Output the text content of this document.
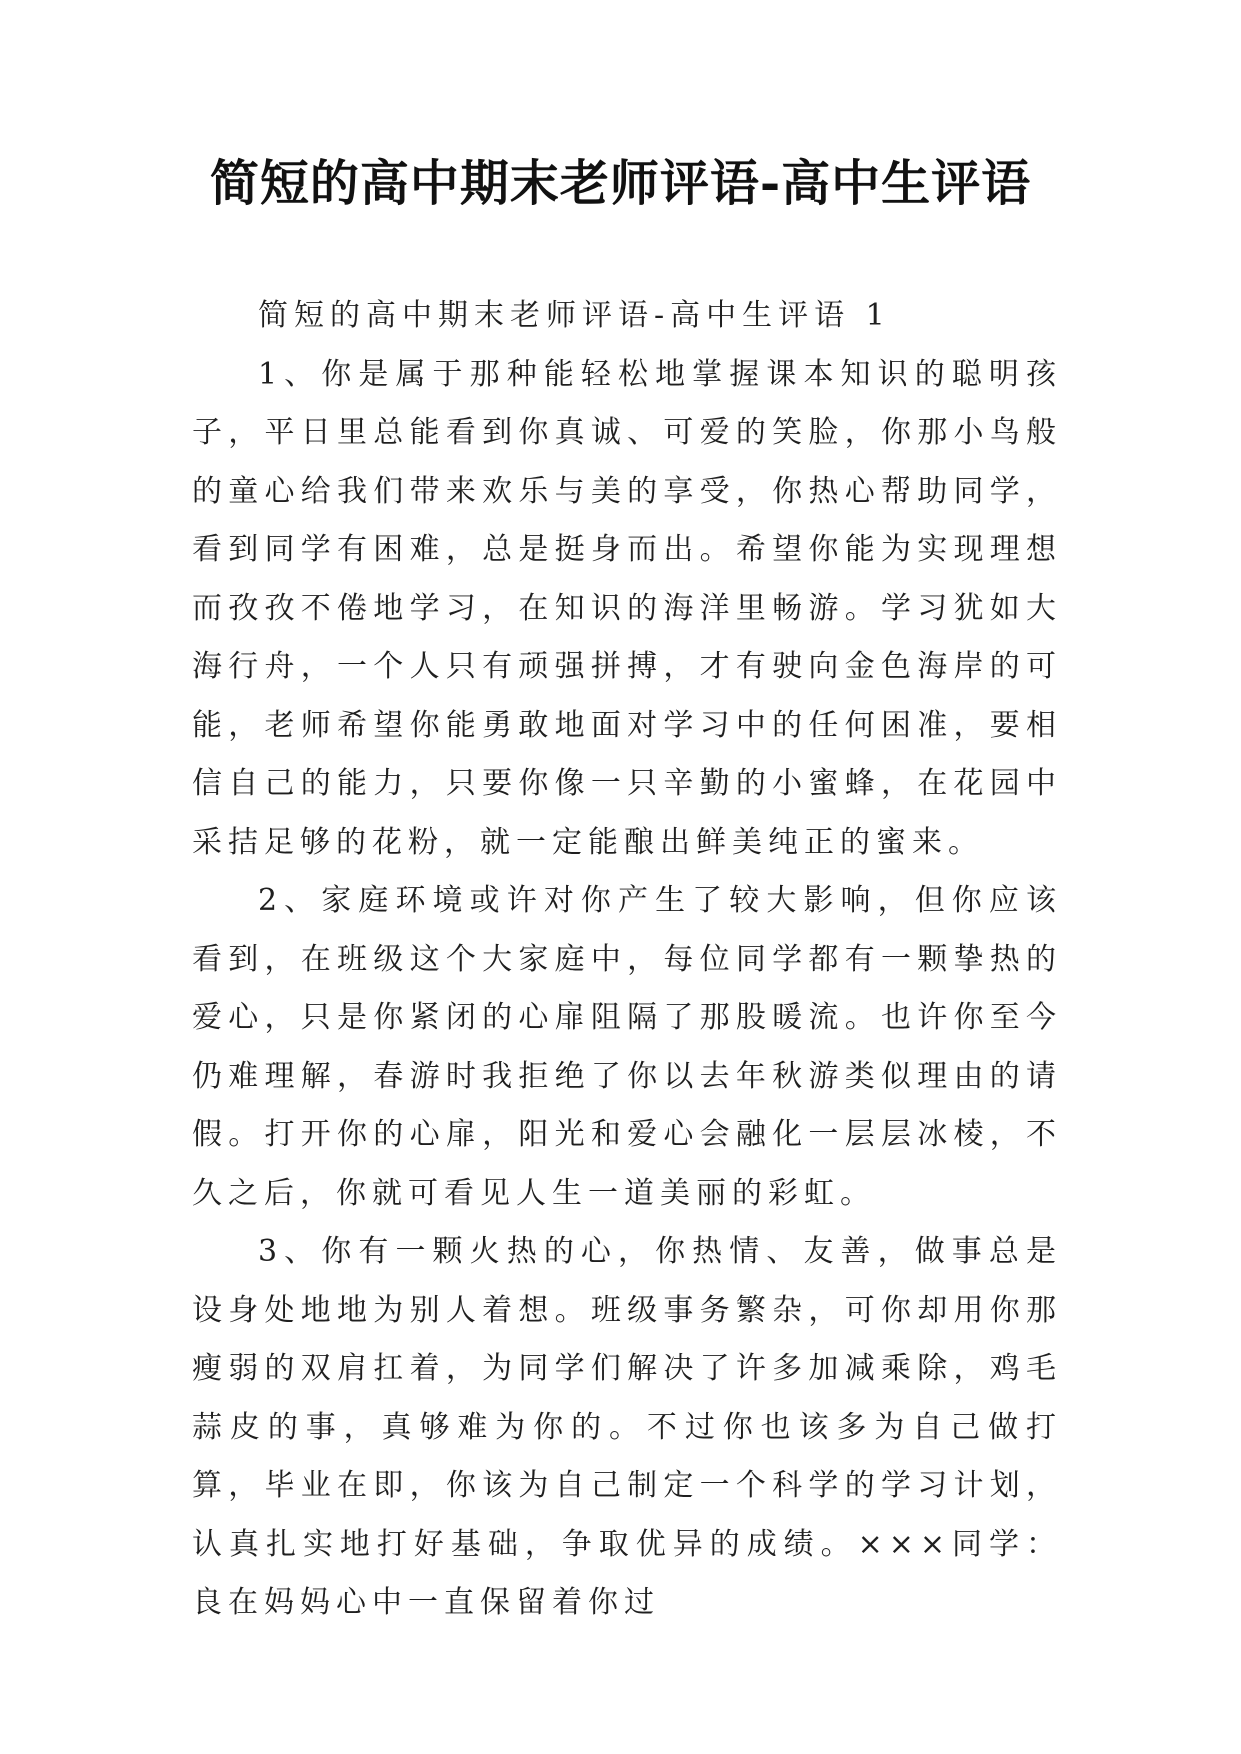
简短的高中期末老师评语-高中生评语

简短的高中期末老师评语-高中生评语 1

1、你是属于那种能轻松地掌握课本知识的聪明孩子，平日里总能看到你真诚、可爱的笑脸，你那小鸟般的童心给我们带来欢乐与美的享受，你热心帮助同学，看到同学有困难，总是挺身而出。希望你能为实现理想而孜孜不倦地学习，在知识的海洋里畅游。学习犹如大海行舟，一个人只有顽强拼搏，才有驶向金色海岸的可能，老师希望你能勇敢地面对学习中的任何困准，要相信自己的能力，只要你像一只辛勤的小蜜蜂，在花园中采拮足够的花粉，就一定能酿出鲜美纯正的蜜来。

2、家庭环境或许对你产生了较大影响，但你应该看到，在班级这个大家庭中，每位同学都有一颗挚热的爱心，只是你紧闭的心扉阻隔了那股暖流。也许你至今仍难理解，春游时我拒绝了你以去年秋游类似理由的请假。打开你的心扉，阳光和爱心会融化一层层冰棱，不久之后，你就可看见人生一道美丽的彩虹。

3、你有一颗火热的心，你热情、友善，做事总是设身处地地为别人着想。班级事务繁杂，可你却用你那瘦弱的双肩扛着，为同学们解决了许多加减乘除，鸡毛蒜皮的事，真够难为你的。不过你也该多为自己做打算，毕业在即，你该为自己制定一个科学的学习计划，认真扎实地打好基础，争取优异的成绩。×××同学：良在妈妈心中一直保留着你过
